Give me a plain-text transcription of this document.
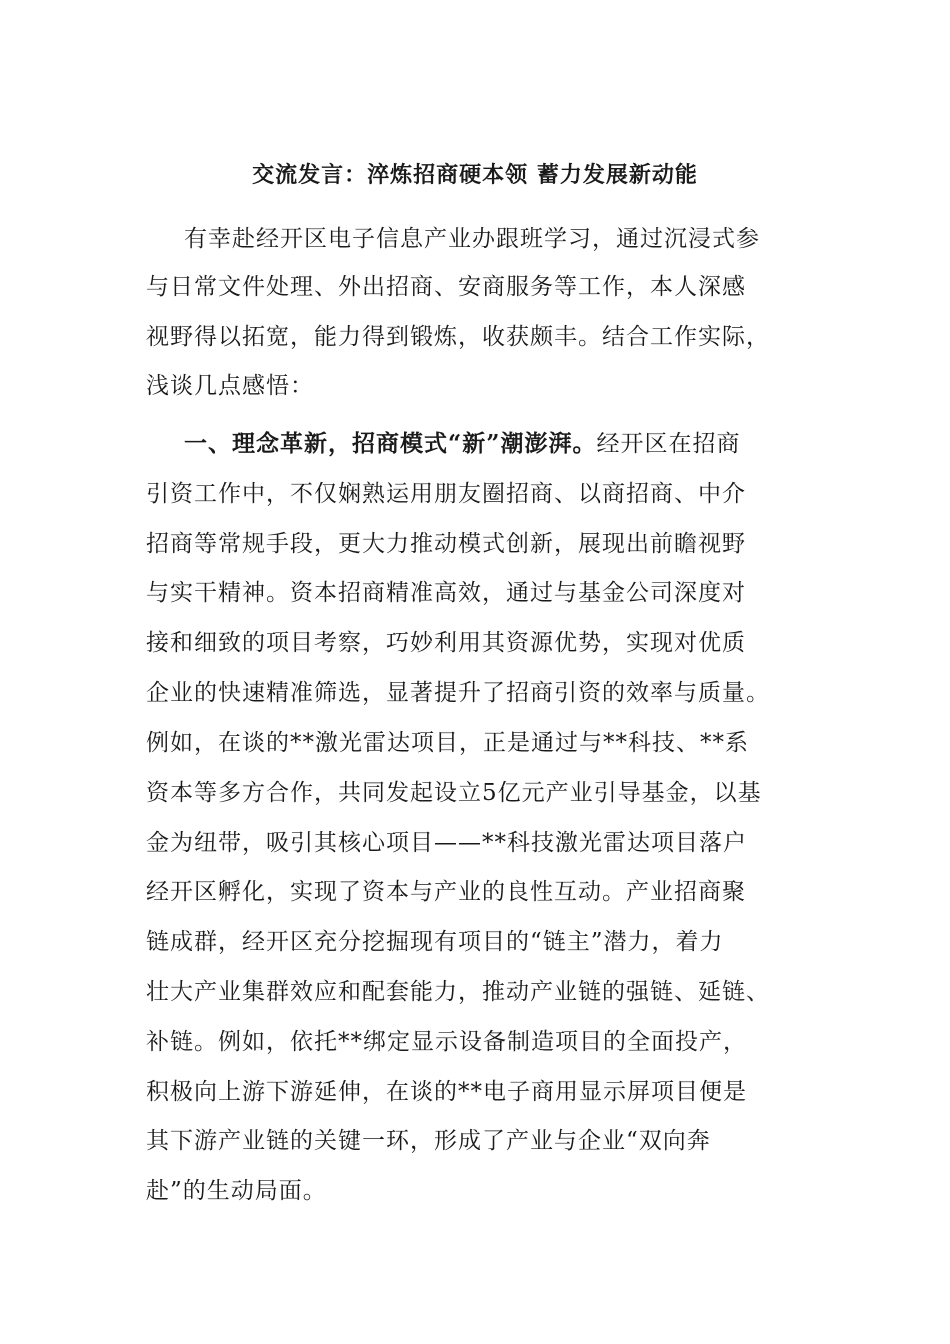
交流发言：淬炼招商硬本领 蓄力发展新动能

有幸赴经开区电子信息产业办跟班学习，通过沉浸式参

与日常文件处理、外出招商、安商服务等工作，本人深感

视野得以拓宽，能力得到锻炼，收获颇丰。结合工作实际，

浅谈几点感悟：

一、理念革新，招商模式“新”潮澎湃。经开区在招商

引资工作中，不仅娴熟运用朋友圈招商、以商招商、中介

招商等常规手段，更大力推动模式创新，展现出前瞻视野

与实干精神。资本招商精准高效，通过与基金公司深度对

接和细致的项目考察，巧妙利用其资源优势，实现对优质

企业的快速精准筛选，显著提升了招商引资的效率与质量。

例如，在谈的**激光雷达项目，正是通过与**科技、**系

资本等多方合作，共同发起设立5亿元产业引导基金，以基

金为纽带，吸引其核心项目——**科技激光雷达项目落户

经开区孵化，实现了资本与产业的良性互动。产业招商聚

链成群，经开区充分挖掘现有项目的“链主”潜力，着力

壮大产业集群效应和配套能力，推动产业链的强链、延链、

补链。例如，依托**绑定显示设备制造项目的全面投产，

积极向上游下游延伸，在谈的**电子商用显示屏项目便是

其下游产业链的关键一环，形成了产业与企业“双向奔

赴”的生动局面。
